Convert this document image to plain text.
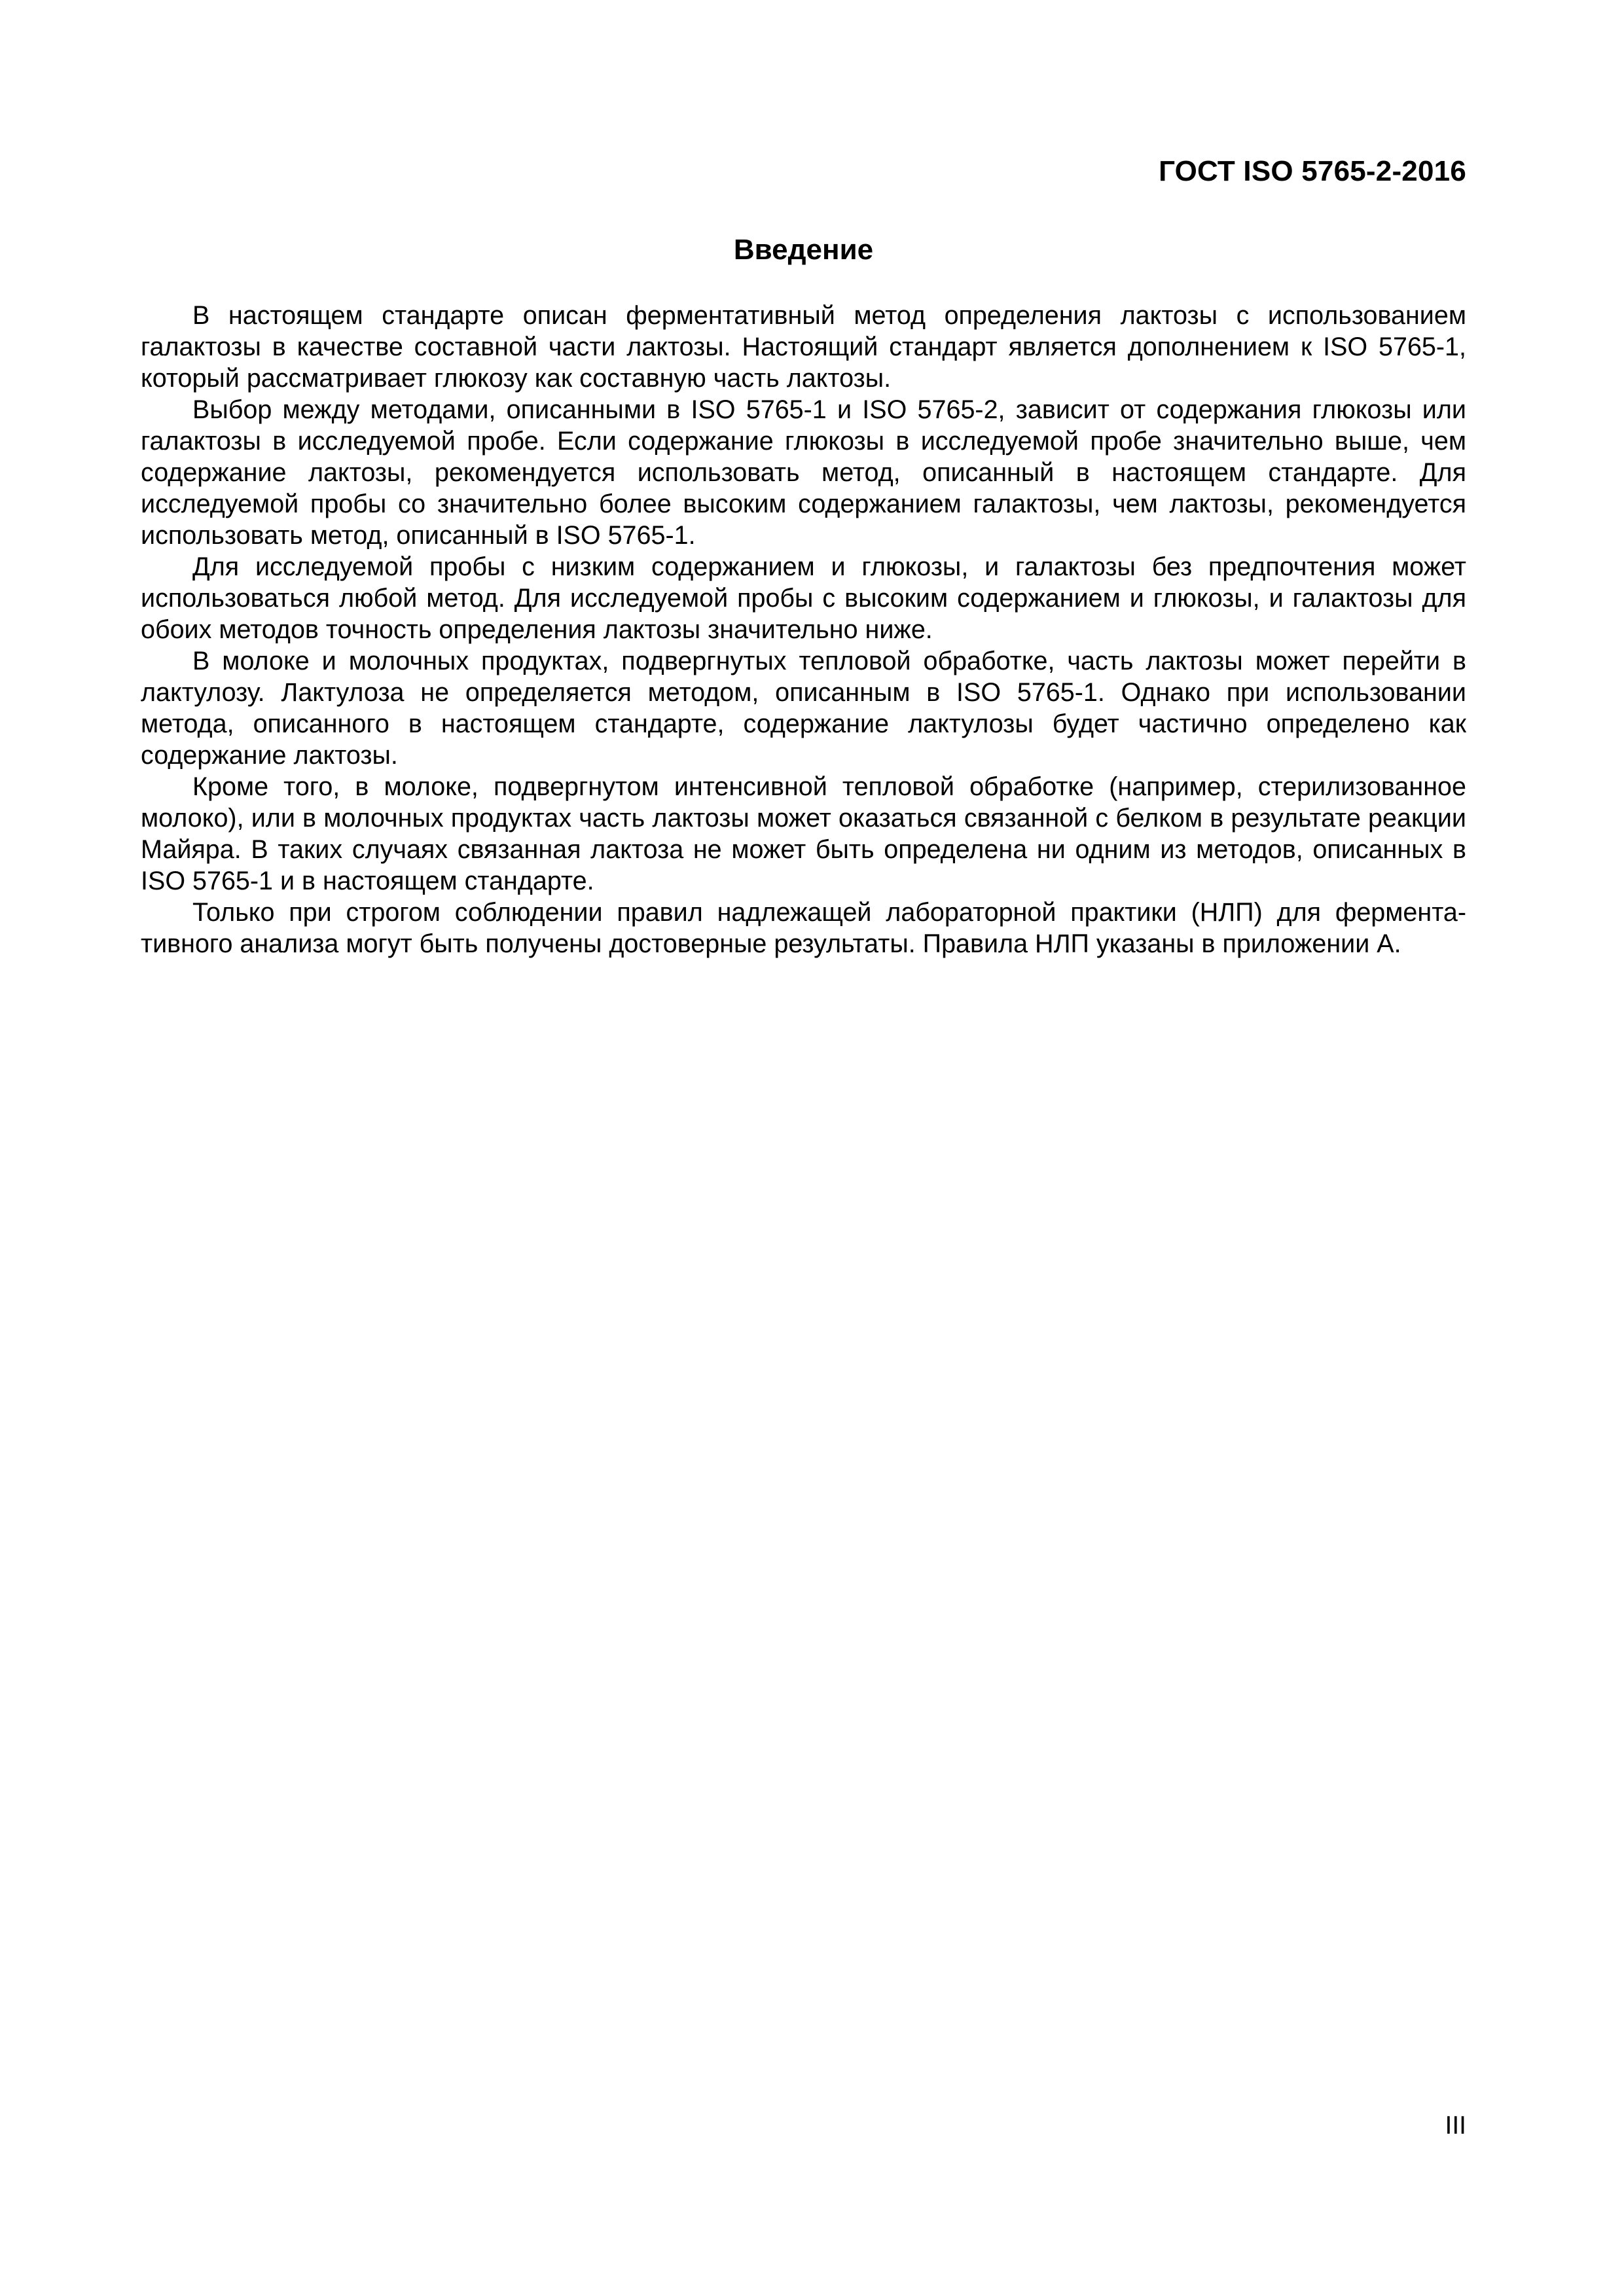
ГОСТ ISO 5765-2-2016

Введение

В настоящем стандарте описан ферментативный метод определения лактозы с использованием галактозы в качестве составной части лактозы. Настоящий стандарт является дополнением к ISO 5765-1, который рассматривает глюкозу как составную часть лактозы.

Выбор между методами, описанными в ISO 5765-1 и ISO 5765-2, зависит от содержания глюкозы или галактозы в исследуемой пробе. Если содержание глюкозы в исследуемой пробе значительно выше, чем содержание лактозы, рекомендуется использовать метод, описанный в настоящем стандарте. Для исследуемой пробы со значительно более высоким содержанием галактозы, чем лактозы, рекомендуется использовать метод, описанный в ISO 5765-1.

Для исследуемой пробы с низким содержанием и глюкозы, и галактозы без предпочтения может использоваться любой метод. Для исследуемой пробы с высоким содержанием и глюкозы, и галактозы для обоих методов точность определения лактозы значительно ниже.

В молоке и молочных продуктах, подвергнутых тепловой обработке, часть лактозы может перейти в лактулозу. Лактулоза не определяется методом, описанным в ISO 5765-1. Однако при использовании метода, описанного в настоящем стандарте, содержание лактулозы будет частично определено как содержание лактозы.

Кроме того, в молоке, подвергнутом интенсивной тепловой обработке (например, стерилизованное молоко), или в молочных продуктах часть лактозы может оказаться связанной с белком в результате реакции Майяра. В таких случаях связанная лактоза не может быть определена ни одним из методов, описанных в ISO 5765-1 и в настоящем стандарте.

Только при строгом соблюдении правил надлежащей лабораторной практики (НЛП) для ферментативного анализа могут быть получены достоверные результаты. Правила НЛП указаны в приложении А.

III
